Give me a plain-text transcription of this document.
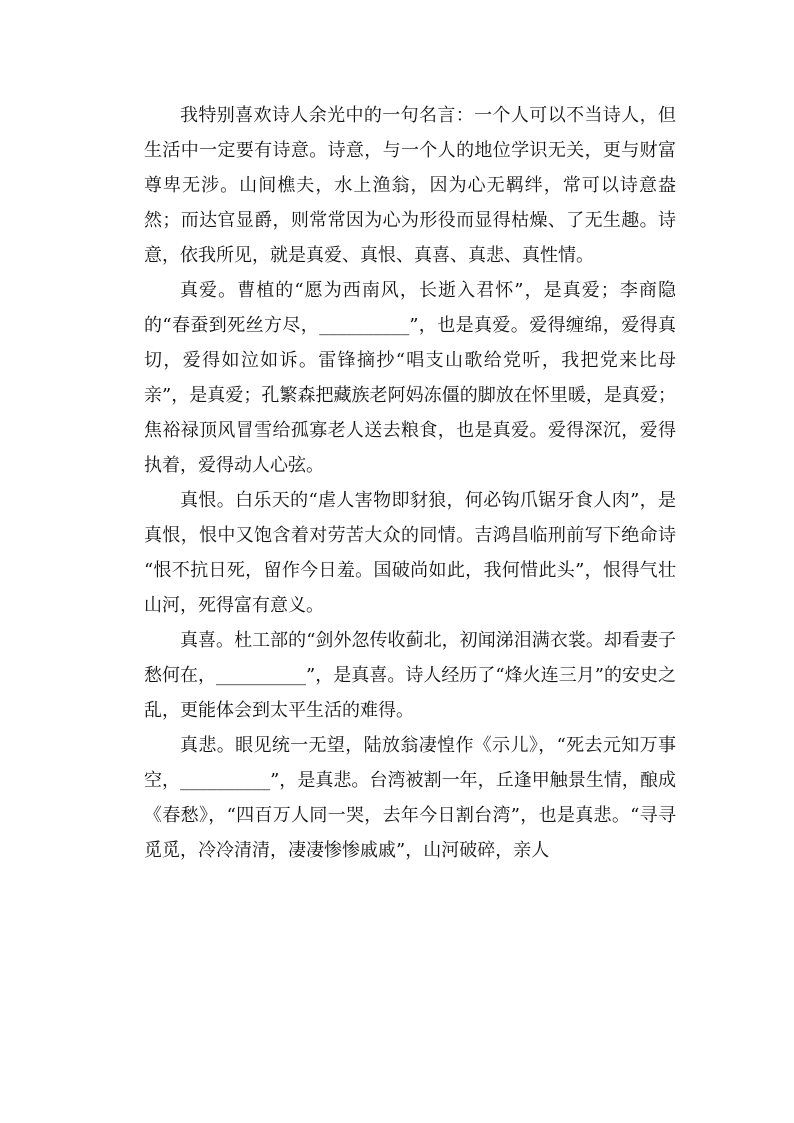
我特别喜欢诗人余光中的一句名言：一个人可以不当诗人，但生活中一定要有诗意。诗意，与一个人的地位学识无关，更与财富尊卑无涉。山间樵夫，水上渔翁，因为心无羁绊，常可以诗意盎然；而达官显爵，则常常因为心为形役而显得枯燥、了无生趣。诗意，依我所见，就是真爱、真恨、真喜、真悲、真性情。

真爱。曹植的“愿为西南风，长逝入君怀”，是真爱；李商隐的“春蚕到死丝方尽，__________”，也是真爱。爱得缠绵，爱得真切，爱得如泣如诉。雷锋摘抄“唱支山歌给党听，我把党来比母亲”，是真爱；孔繁森把藏族老阿妈冻僵的脚放在怀里暖，是真爱；焦裕禄顶风冒雪给孤寡老人送去粮食，也是真爱。爱得深沉，爱得执着，爱得动人心弦。

真恨。白乐天的“虐人害物即豺狼，何必钩爪锯牙食人肉”，是真恨，恨中又饱含着对劳苦大众的同情。吉鸿昌临刑前写下绝命诗 “恨不抗日死，留作今日羞。国破尚如此，我何惜此头”，恨得气壮山河，死得富有意义。

真喜。杜工部的“剑外忽传收蓟北，初闻涕泪满衣裳。却看妻子愁何在，__________”，是真喜。诗人经历了“烽火连三月”的安史之乱，更能体会到太平生活的难得。

真悲。眼见统一无望，陆放翁凄惶作《示儿》，“死去元知万事空，__________”，是真悲。台湾被割一年，丘逢甲触景生情，酿成《春愁》，“四百万人同一哭，去年今日割台湾”，也是真悲。“寻寻觅觅，冷冷清清，凄凄惨惨戚戚”，山河破碎，亲人
